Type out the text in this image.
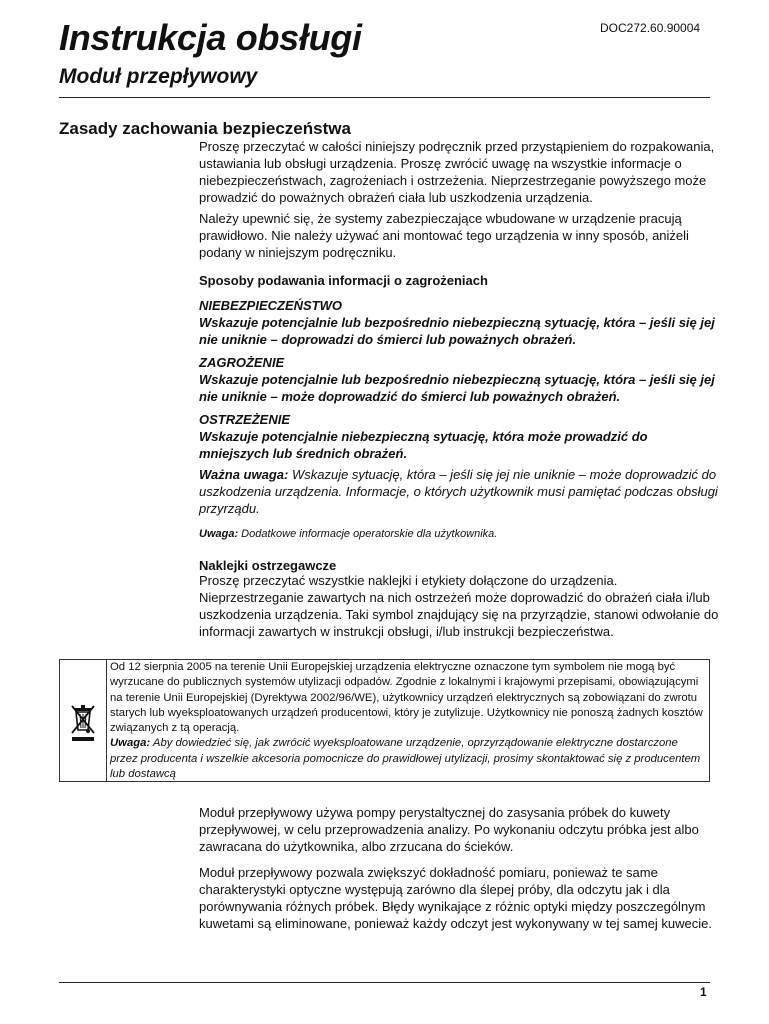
DOC272.60.90004
Instrukcja obsługi
Moduł przepływowy
Zasady zachowania bezpieczeństwa

Proszę przeczytać w całości niniejszy podręcznik przed przystąpieniem do rozpakowania, ustawiania lub obsługi urządzenia. Proszę zwrócić uwagę na wszystkie informacje o niebezpieczeństwach, zagrożeniach i ostrzeżenia. Nieprzestrzeganie powyższego może prowadzić do poważnych obrażeń ciała lub uszkodzenia urządzenia.

Należy upewnić się, że systemy zabezpieczające wbudowane w urządzenie pracują prawidłowo. Nie należy używać ani montować tego urządzenia w inny sposób, aniżeli podany w niniejszym podręczniku.

Sposoby podawania informacji o zagrożeniach
NIEBEZPIECZEŃSTWO
Wskazuje potencjalnie lub bezpośrednio niebezpieczną sytuację, która – jeśli się jej nie uniknie – doprowadzi do śmierci lub poważnych obrażeń.
ZAGROŻENIE
Wskazuje potencjalnie lub bezpośrednio niebezpieczną sytuację, która – jeśli się jej nie uniknie – może doprowadzić do śmierci lub poważnych obrażeń.
OSTRZEŻENIE
Wskazuje potencjalnie niebezpieczną sytuację, która może prowadzić do mniejszych lub średnich obrażeń.
Ważna uwaga: Wskazuje sytuację, która – jeśli się jej nie uniknie – może doprowadzić do uszkodzenia urządzenia. Informacje, o których użytkownik musi pamiętać podczas obsługi przyrządu.
Uwaga: Dodatkowe informacje operatorskie dla użytkownika.
Naklejki ostrzegawcze
Proszę przeczytać wszystkie naklejki i etykiety dołączone do urządzenia. Nieprzestrzeganie zawartych na nich ostrzeżeń może doprowadzić do obrażeń ciała i/lub uszkodzenia urządzenia. Taki symbol znajdujący się na przyrządzie, stanowi odwołanie do informacji zawartych w instrukcji obsługi, i/lub instrukcji bezpieczeństwa.
Od 12 sierpnia 2005 na terenie Unii Europejskiej urządzenia elektryczne oznaczone tym symbolem nie mogą być wyrzucane do publicznych systemów utylizacji odpadów. Zgodnie z lokalnymi i krajowymi przepisami, obowiązującymi na terenie Unii Europejskiej (Dyrektywa 2002/96/WE), użytkownicy urządzeń elektrycznych są zobowiązani do zwrotu starych lub wyeksploatowanych urządzeń producentowi, który je zutylizuje. Użytkownicy nie ponoszą żadnych kosztów związanych z tą operacją.
Uwaga: Aby dowiedzieć się, jak zwrócić wyeksploatowane urządzenie, oprzyrządowanie elektryczne dostarczone przez producenta i wszelkie akcesoria pomocnicze do prawidłowej utylizacji, prosimy skontaktować się z producentem lub dostawcą
Moduł przepływowy używa pompy perystaltycznej do zasysania próbek do kuwety przepływowej, w celu przeprowadzenia analizy. Po wykonaniu odczytu próbka jest albo zawracana do użytkownika, albo zrzucana do ścieków.
Moduł przepływowy pozwala zwiększyć dokładność pomiaru, ponieważ te same charakterystyki optyczne występują zarówno dla ślepej próby, dla odczytu jak i dla porównywania różnych próbek. Błędy wynikające z różnic optyki między poszczególnym kuwetami są eliminowane, ponieważ każdy odczyt jest wykonywany w tej samej kuwecie.
1
